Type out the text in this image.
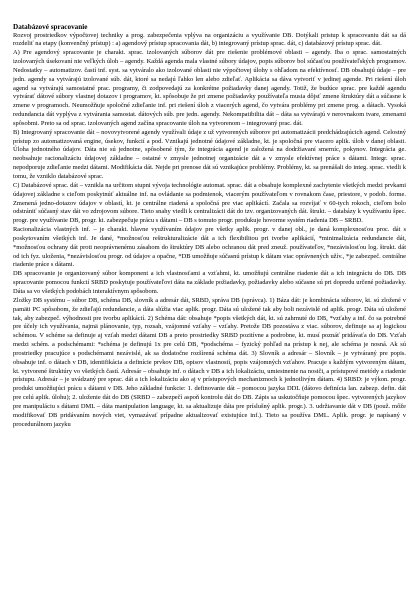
Databázové spracovanie

Rozvoj prostriedkov výpočtovej techniky a prog. zabezpečenia vplýva na organizáciu a využívanie DB. Dotýkali pristup k spracovaniu dát sa dá rozdeliť na etapy (konvenčný prístup) : a) agendový prístup spracovania dát, b) integrovaný prístup sprac. dát, c) databázový prístup sprac. dát.

A) Pre agendový spracovanie je charakt. sprac. izolovaných súborov dát pre riešenie problémové oblasti – agendy. Iba o sprac. samostatných izolovaných úsekovaní nie veľkých úloh – agendy. Každá agenda mala vlastné súbory údajov, popis súborov bol súčasťou používateľských programov. Nedostatky – automatizov. častí inf. syst. sa vytváralo ako izolované oblasti nie výpočtovej úlohy s ohľadom na efektívnosť. DB obsahujú údaje – pre jedn. agendy sa vytvárajú izolované súb. dát, ktoré sa nedajú ľahko len alebo zdieľať. Aplikácia sa dáva vytvoriť v jedinej agende. Pri riešení úloh agend sa vytvárajú samostatné prac. programy, či zodpovedajú za konkrétne požiadavky danej agendy. Totiž, že budúce sprac. pre každé agendu vytvárať dátové súbory vlastnej dotazov i programov, kt. spôsobuje že pri zmene požiadavky používateľa musia dôjsť zmene štruktúry dát a súčasne k zmene v programoch. Neumožňuje spoločné zdieľanie inf. pri riešení úloh z viacerých agend, čo vytvára problémy pri zmene prog. a dátach. Vysoká redundancia dát vyplýva z vytvárania samostat. dátových súb. pre jedn. agendy. Nekompatibilita dát – dáta sa vytvárajú v nerovnakom tvare, zmenami spôsobmi. Preto sa od sprac. izolovaných agend začína spracovanie úloh na vytvorenom – integrovaný prac. dát.

B) Integrovaný spracovanie dát – novovytvorené agendy využívali údaje z už vytvorených súborov pri automatizácii predchádzajúcich agend. Celostný prístup zo automatizovaná engine, úsekov, funkcií a pod. Vznikajú jednotné údajové základne, kt. je spoločná pre viacero aplik. úloh v danej oblasti. Úloha jednotného údajov. Dáta nie sú jednotne, spôsobené tým, že integrácia agend je založená na dodržiavaní smerníc, pokynov. Integrácia ge. neobsahuje racionalizáciu údajovej základne – ostatné v zmysle jednotnej organizácie dát a v zmysle efektívnej práce s dátami. Integr. sprac. nepodporuje zdieľanie medzi dátami. Modifikácia dát. Nejde pri prenose dát sú vznikajúce problémy. Problémy, kt. sa prenášali do integ. sprac. viedli k tomu, že vzniklo databázové sprac.

C) Databázové sprac. dát – vznikla na určitom stupni vývoja technológie automat. sprac. dát a obsahuje komplexné zachytenie všetkých medzi prvkami údajovej základne s cieľom poskytnúť aktuálne inf. na ovládanie sa podmienok, viacerým používateľom v rovnakom čase, priestore, v podob. forme. Zmenená jedno-dotazov údajov v oblastí, kt. je centrálne riadená a spoločná pre viac aplikácií. Začala sa rozvíjať v 60-tych rokoch, cieľom bolo odstrániť súčasný stav dát vo zdrojovom súbore. Tieto snahy viedli k centralizácii dát do tzv. organizovaných dát. štrukt. – databázy k využívaniu špec. progr. pre využívanie DB, progr. kt. zabezpečuje prácu s dátami – DB s tomuto progr. produkuje hovorme systém riadenia DB – SRBD.

Racionalizácia vlastných inf. – je charakt. hlavne využívaním údajov pre všetky aplik. progr. v danej obl., je daná komplexnosťou proc. dát s poskytovaním všetkých inf. Je dané, *možnosťou reštrukturalizácie dát a ich flexibilitou pri tvorbe aplikácií, *minimalizácia redundancie dát, *možnosťou ochrany dát proti neoprávnenému zásahom do štruktúry DB alebo ochranou dát pred zneuž. používateľov, *nezávislosťou log. štrukt. dát od ich fyz. uloženia, *nezávislosťou progr. od údajov a opačne, *DB umožňuje súčasnú prístup k dátam viac oprávnených užív., *je zabezpeč. centrálne riadenie práce s dátami.

DB spracovanie je organizovaný súbor komponent a ich vlastnosťami a vzťahmi, kt. umožňujú centrálne riadenie dát a ich integráciu do DB. DB spracovanie pomocou funkcií SRBD poskytuje používateľovi dáta na základe požiadavky, požiadavky alebo súčasne sú pri dopredu určené požiadavky. Dáta sa vo všetkých podobách interaktívnym spôsobom.

Zložky DB systému – súbor DB, schéma DB, slovník a adresár dát, SRBD, správa DB (správca). 1) Báza dát: je kombinácia súborov, kt. sú zložené v pamäti PC spôsobom, že zdieľajú redundancie, a dáta slúžia viac aplik. progr. Dáta sú uložené tak aby boli nezávislé od aplik. progr. Dáta sú uložené tak, aby zabezpeč. výhodnosti pre tvorbu aplikácií. 2) Schéma dát: obsahuje *popis všetkých dát, kt. sú zahrnuté do DB, *vzťahy a inf. čo sa potrebné pre účely ich využívania, najmä plánovanie, typ, rozsah, vzájomné vzťahy – vzťahy. Pretože DB pozostáva z viac. súborov, definuje sa aj logickou schémou. V schéme sa definuje aj vzťah medzi dátami DB a preto prostriedky SRBD pozitívne a podrobne, kt. musí poznáť pridávaťa do DB. Vzťah medzi schém. a podschémami: *schéma je definujú 1x pre celú DB, *podschéma – fyzický pohľad na prístup k nej, ale schéma je nosná. Ak sú prostriedky pracujúce s podschémami nezávislé, ak sa dodatočne rozšírená schéma dát. 3) Slovník a adresár – Slovník – je vytváraný pre popis. obsahuje inf. o dátach v DB, identifikácia a definície prvkov DB, opisov vlastností, popis vzájomných vzťahov. Pracuje s každým vytvoreným dátam, kt. vytvorené štruktúry vo všetkých častí. Adresár – obsahuje inf. o dátach v DB a ich lokalizáciu, umiestnenie na nosiči, a prístupové metódy a riadenie prístupu. Adresár – je uvádzaný pre sprac. dát a ich lokalizáciu ako aj v prístupových mechanizmoch k jednotlivým dátam. 4) SRBD: je výkon. progr. produkt umožňujúci prácu s dátami v DB. Jeho základné funkcie: 1. definovanie dát – pomocou jazyka DDL (dátovo definícia lan. zabezp. defin. dát pre celú aplik. úlohu); 2. uloženie dát do DB (SRBD – zabezpečí aspoň kontrolu dát do DB. Zápis sa uskutočňuje pomocou špec. vytvorených jazykov pre manipuláciu s dátami DML – dáta manipulation language, kt. sa aktualizuje dáta pre príslušný aplik. progr.). 3. udržiavanie dát v DB (použ. môže modifikovať DB pridávaním nových viet, vymazávať prípadne aktualizovať existujúce inf.). Tieto sa používa DML. Aplik. progr. je napísaný v procedurálnom jazyku
